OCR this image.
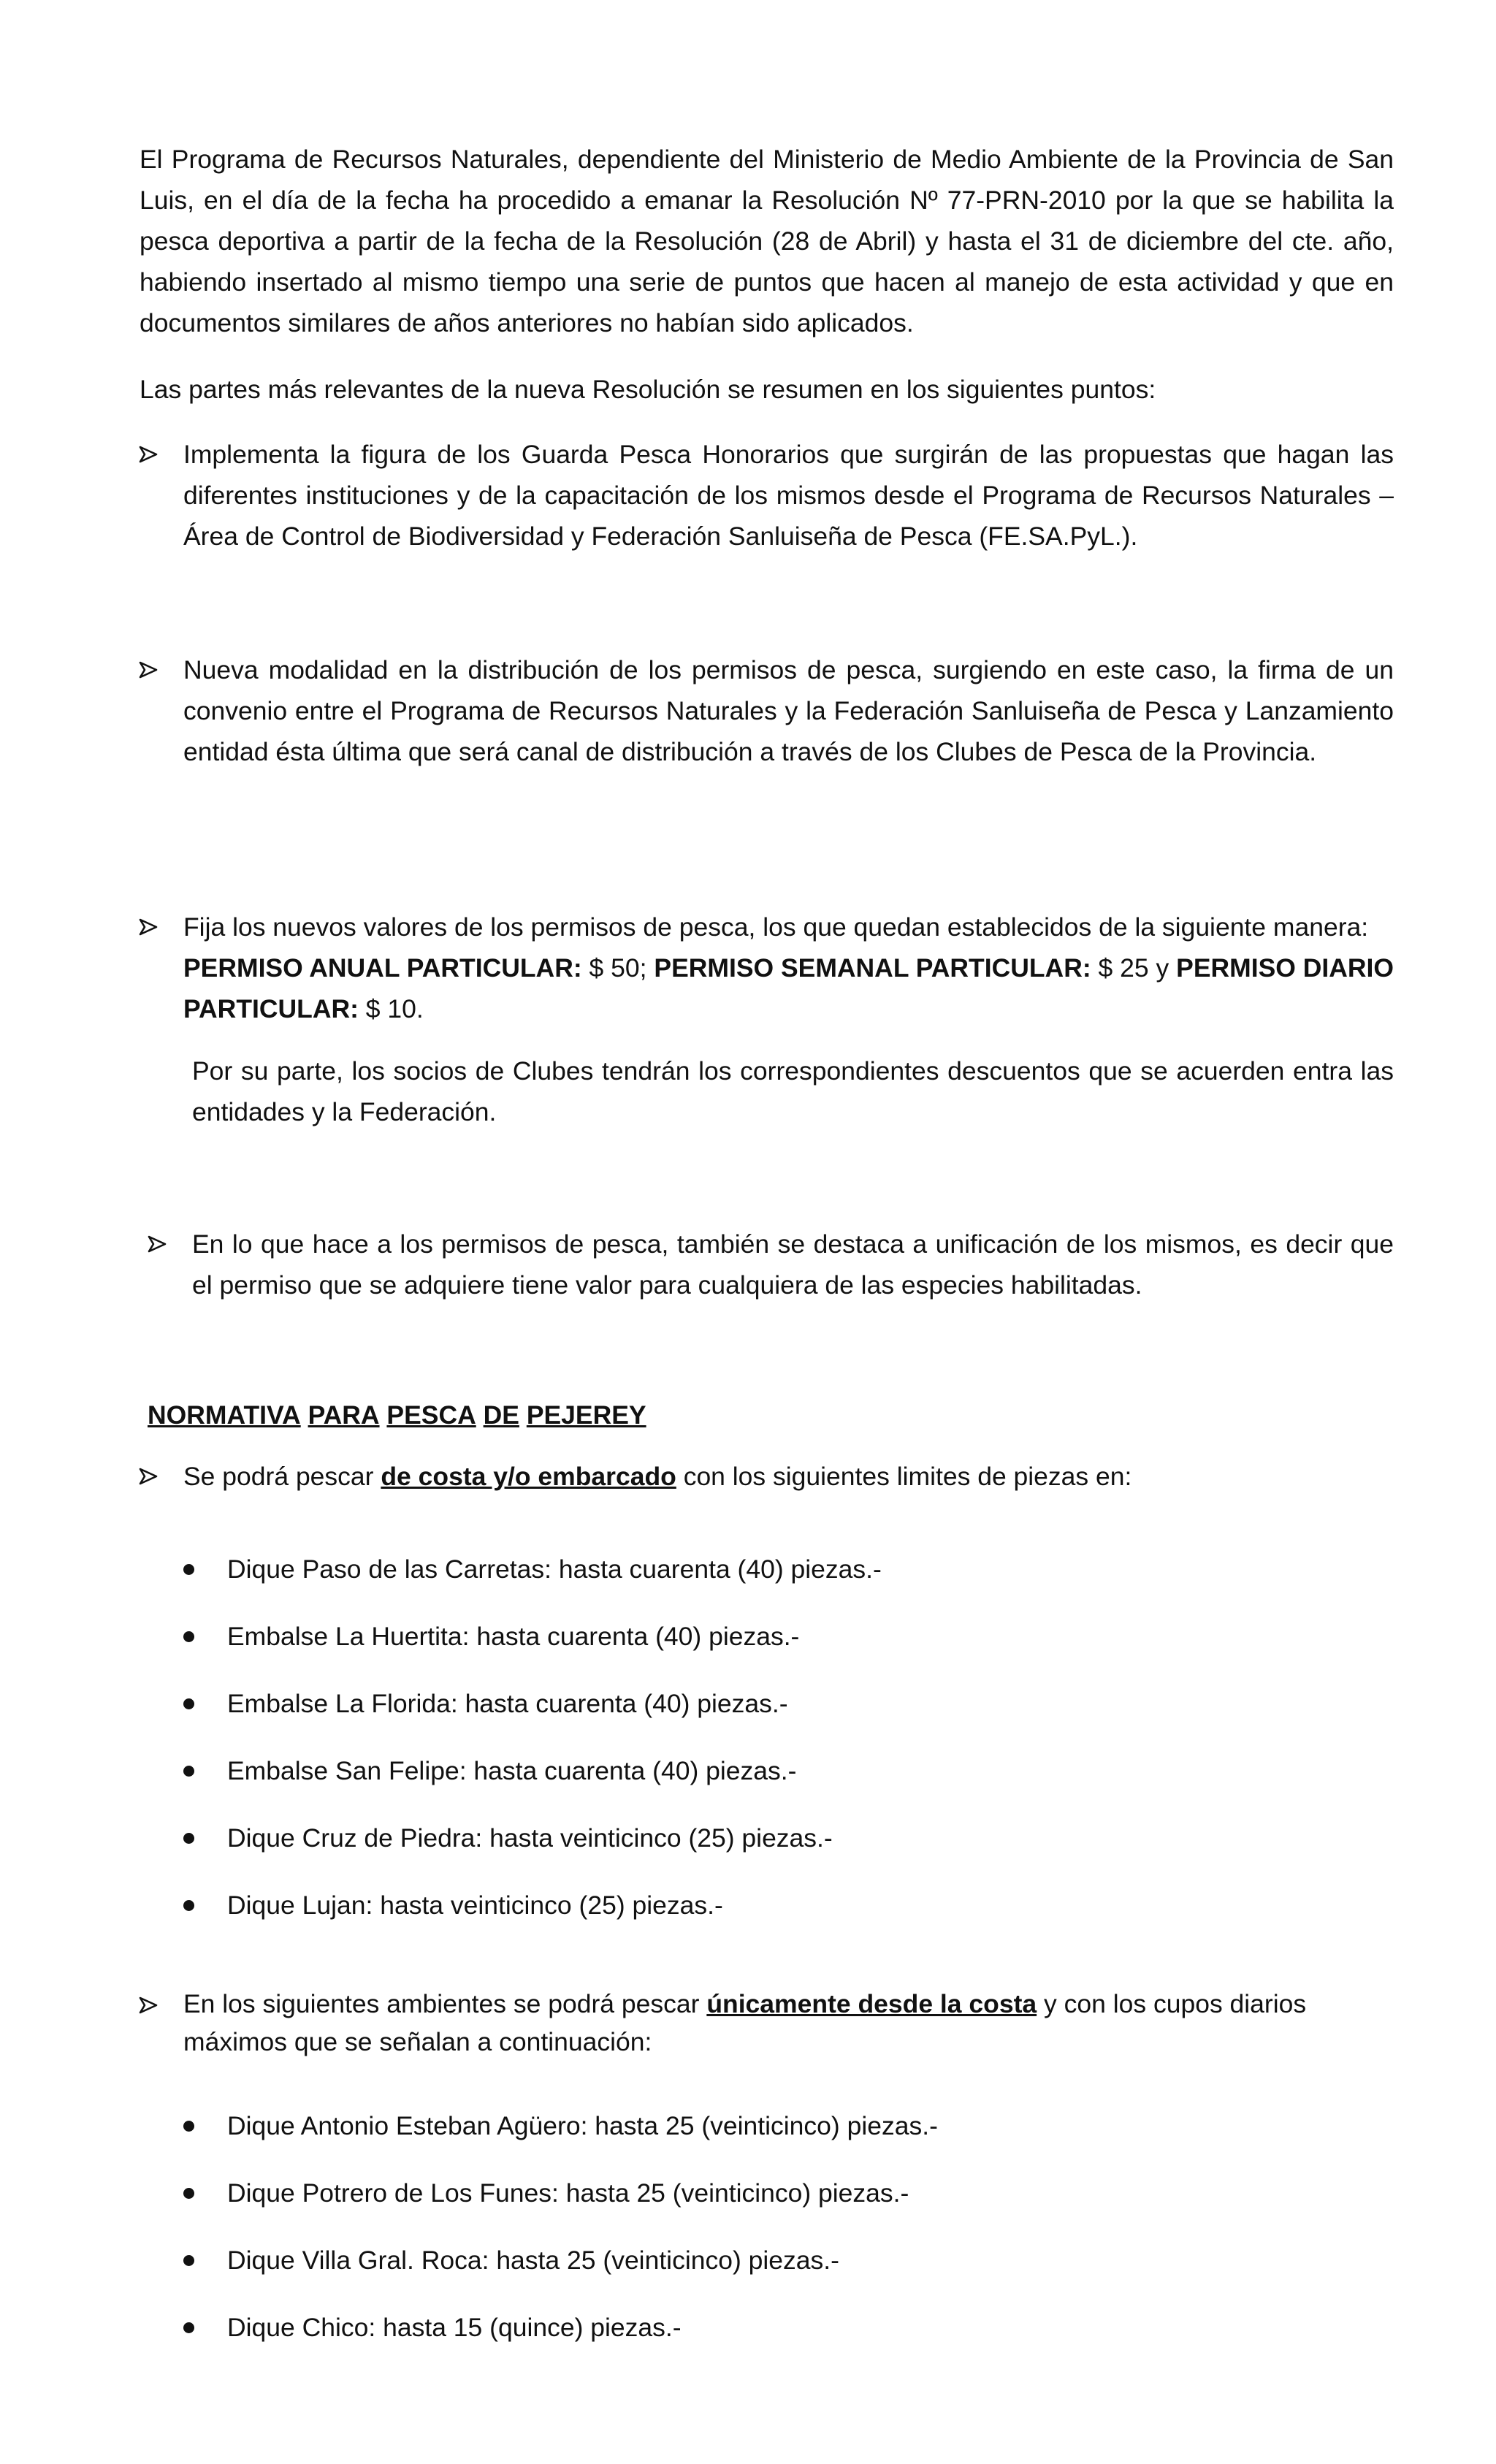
El Programa de Recursos Naturales, dependiente del Ministerio de Medio Ambiente de la Provincia de San Luis, en el día de la fecha ha procedido a emanar la Resolución Nº 77-PRN-2010 por la que se habilita la pesca deportiva a partir de la fecha de la Resolución (28 de Abril) y hasta el 31 de diciembre del cte. año, habiendo insertado al mismo tiempo una serie de puntos que hacen al manejo de esta actividad y que en documentos similares de años anteriores no habían sido aplicados.

Las partes más relevantes de la nueva Resolución se resumen en los siguientes puntos:

Implementa la figura de los Guarda Pesca Honorarios que surgirán de las propuestas que hagan las diferentes instituciones y de la capacitación de los mismos desde el Programa de Recursos Naturales – Área de Control de Biodiversidad y Federación Sanluiseña de Pesca (FE.SA.PyL.).

Nueva modalidad en la distribución de los permisos de pesca, surgiendo en este caso, la firma de un convenio entre el Programa de Recursos Naturales y la Federación Sanluiseña de Pesca y Lanzamiento entidad ésta última que será canal de distribución a través de los Clubes de Pesca de la Provincia.

Fija los nuevos valores de los permisos de pesca, los que quedan establecidos de la siguiente manera:
PERMISO ANUAL PARTICULAR: $ 50; PERMISO SEMANAL PARTICULAR: $ 25 y PERMISO DIARIO
PARTICULAR: $ 10.

Por su parte, los socios de Clubes tendrán los correspondientes descuentos que se acuerden entra las entidades y la Federación.

En lo que hace a los permisos de pesca, también se destaca a unificación de los mismos, es decir que el permiso que se adquiere tiene valor para cualquiera de las especies habilitadas.

NORMATIVA PARA PESCA DE PEJEREY
Se podrá pescar de costa y/o embarcado con los siguientes limites de piezas en:
Dique Paso de las Carretas: hasta cuarenta (40) piezas.-
Embalse La Huertita: hasta cuarenta (40) piezas.-
Embalse La Florida: hasta cuarenta (40) piezas.-
Embalse San Felipe: hasta cuarenta (40) piezas.-
Dique Cruz de Piedra: hasta veinticinco (25) piezas.-
Dique Lujan: hasta veinticinco (25) piezas.-
En los siguientes ambientes se podrá pescar únicamente desde la costa y con los cupos diarios
máximos que se señalan a continuación:
Dique Antonio Esteban Agüero: hasta 25 (veinticinco) piezas.-
Dique Potrero de Los Funes: hasta 25 (veinticinco) piezas.-
Dique Villa Gral. Roca: hasta 25 (veinticinco) piezas.-
Dique Chico: hasta 15 (quince) piezas.-
